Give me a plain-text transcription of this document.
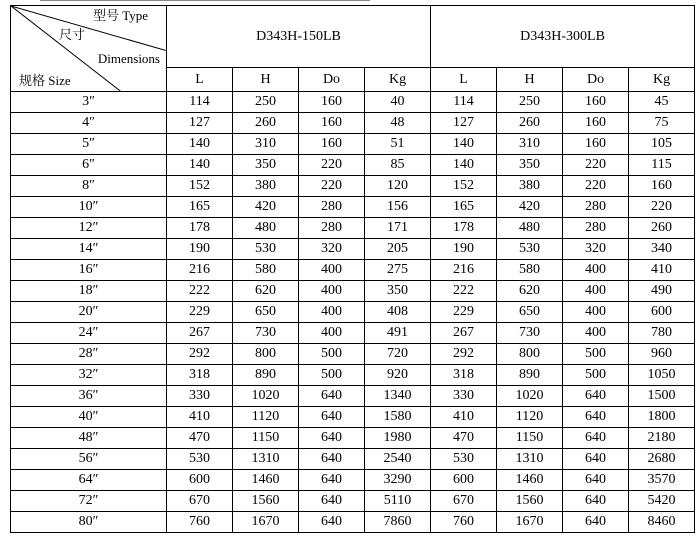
型号 Type
尺寸
Dimensions
规格 Size	D343H-150LB				D343H-300LB			
	L	H	Do	Kg	L	H	Do	Kg
3″	114	250	160	40	114	250	160	45
4″	127	260	160	48	127	260	160	75
5″	140	310	160	51	140	310	160	105
6″	140	350	220	85	140	350	220	115
8″	152	380	220	120	152	380	220	160
10″	165	420	280	156	165	420	280	220
12″	178	480	280	171	178	480	280	260
14″	190	530	320	205	190	530	320	340
16″	216	580	400	275	216	580	400	410
18″	222	620	400	350	222	620	400	490
20″	229	650	400	408	229	650	400	600
24″	267	730	400	491	267	730	400	780
28″	292	800	500	720	292	800	500	960
32″	318	890	500	920	318	890	500	1050
36″	330	1020	640	1340	330	1020	640	1500
40″	410	1120	640	1580	410	1120	640	1800
48″	470	1150	640	1980	470	1150	640	2180
56″	530	1310	640	2540	530	1310	640	2680
64″	600	1460	640	3290	600	1460	640	3570
72″	670	1560	640	5110	670	1560	640	5420
80″	760	1670	640	7860	760	1670	640	8460
